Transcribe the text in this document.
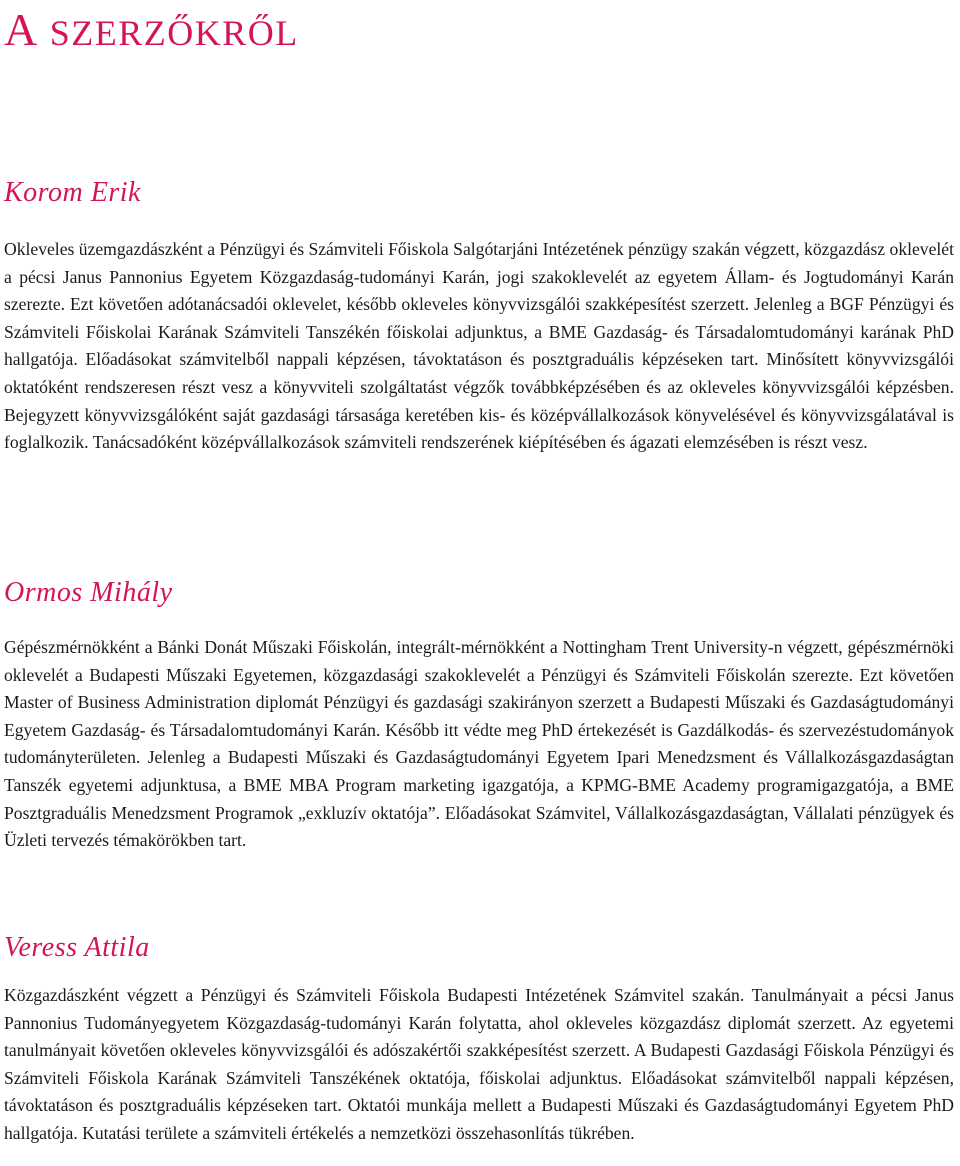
A SZERZŐKRŐL
Korom Erik

Okleveles üzemgazdászként a Pénzügyi és Számviteli Főiskola Salgótarjáni Intézetének pénzügy szakán végzett, közgazdász oklevelét a pécsi Janus Pannonius Egyetem Közgazdaság-tudományi Karán, jogi szakoklevelét az egyetem Állam- és Jogtudományi Karán szerezte. Ezt követően adótanácsadói oklevelet, később okleveles könyvvizsgálói szakképesítést szerzett. Jelenleg a BGF Pénzügyi és Számviteli Főiskolai Karának Számviteli Tanszékén főiskolai adjunktus, a BME Gazdaság- és Társadalomtudományi karának PhD hallgatója. Előadásokat számvitelből nappali képzésen, távoktatáson és posztgraduális képzéseken tart. Minősített könyvvizsgálói oktatóként rendszeresen részt vesz a könyvviteli szolgáltatást végzők továbbképzésében és az okleveles könyvvizsgálói képzésben. Bejegyzett könyvvizsgálóként saját gazdasági társasága keretében kis- és középvállalkozások könyvelésével és könyvvizsgálatával is foglalkozik. Tanácsadóként középvállalkozások számviteli rendszerének kiépítésében és ágazati elemzésében is részt vesz.

Ormos Mihály

Gépészmérnökként a Bánki Donát Műszaki Főiskolán, integrált-mérnökként a Nottingham Trent University-n végzett, gépészmérnöki oklevelét a Budapesti Műszaki Egyetemen, közgazdasági szakoklevelét a Pénzügyi és Számviteli Főiskolán szerezte. Ezt követően Master of Business Administration diplomát Pénzügyi és gazdasági szakirányon szerzett a Budapesti Műszaki és Gazdaságtudományi Egyetem Gazdaság- és Társadalomtudományi Karán. Később itt védte meg PhD értekezését is Gazdálkodás- és szervezéstudományok tudományterületen. Jelenleg a Budapesti Műszaki és Gazdaságtudományi Egyetem Ipari Menedzsment és Vállalkozásgazdaságtan Tanszék egyetemi adjunktusa, a BME MBA Program marketing igazgatója, a KPMG-BME Academy programigazgatója, a BME Posztgraduális Menedzsment Programok „exkluzív oktatója”. Előadásokat Számvitel, Vállalkozásgazdaságtan, Vállalati pénzügyek és Üzleti tervezés témakörökben tart.

Veress Attila

Közgazdászként végzett a Pénzügyi és Számviteli Főiskola Budapesti Intézetének Számvitel szakán. Tanulmányait a pécsi Janus Pannonius Tudományegyetem Közgazdaság-tudományi Karán folytatta, ahol okleveles közgazdász diplomát szerzett. Az egyetemi tanulmányait követően okleveles könyvvizsgálói és adószakértői szakképesítést szerzett. A Budapesti Gazdasági Főiskola Pénzügyi és Számviteli Főiskola Karának Számviteli Tanszékének oktatója, főiskolai adjunktus. Előadásokat számvitelből nappali képzésen, távoktatáson és posztgraduális képzéseken tart. Oktatói munkája mellett a Budapesti Műszaki és Gazdaságtudományi Egyetem PhD hallgatója. Kutatási területe a számviteli értékelés a nemzetközi összehasonlítás tükrében.
